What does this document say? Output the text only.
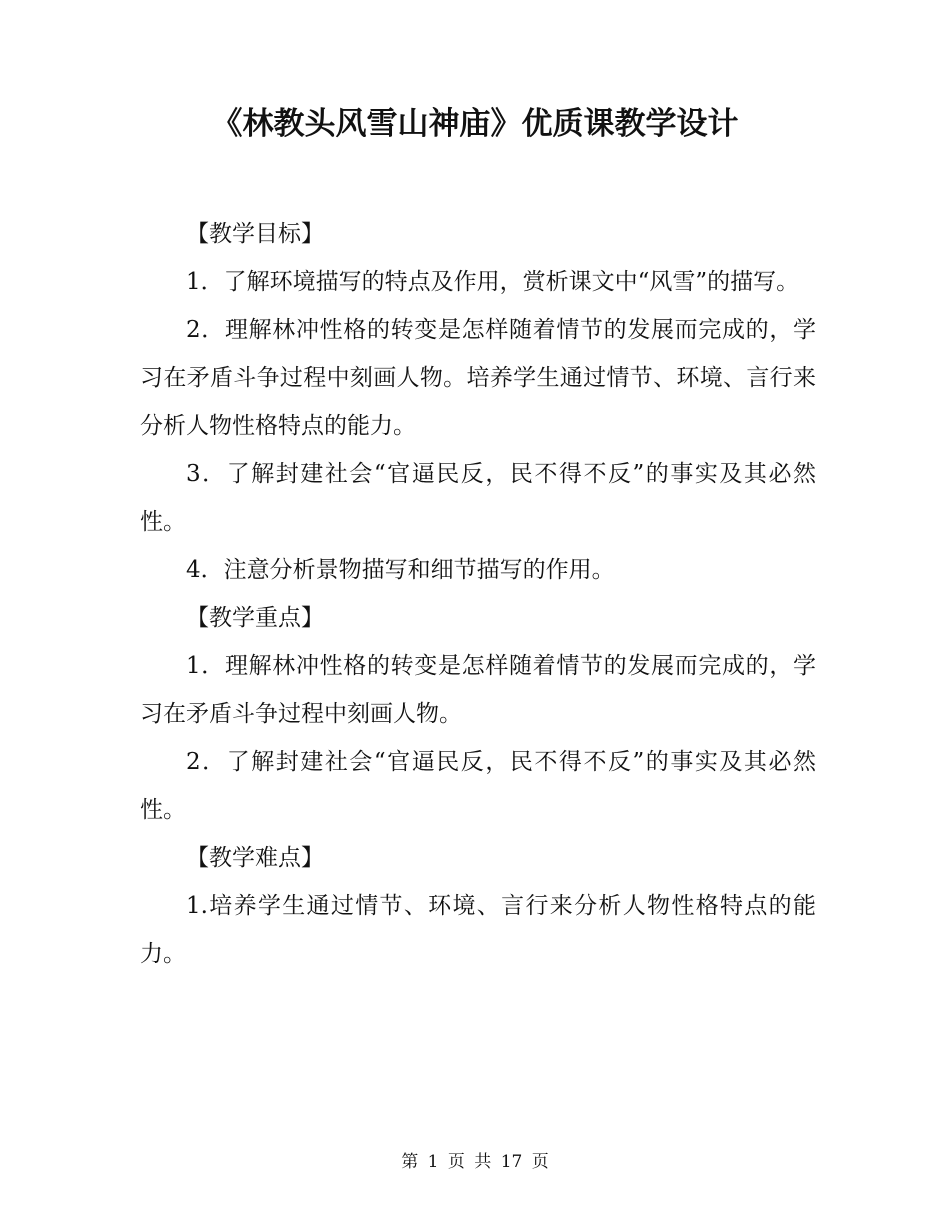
《林教头风雪山神庙》优质课教学设计

【教学目标】

1．了解环境描写的特点及作用，赏析课文中“风雪”的描写。

2．理解林冲性格的转变是怎样随着情节的发展而完成的，学习在矛盾斗争过程中刻画人物。培养学生通过情节、环境、言行来分析人物性格特点的能力。

3．了解封建社会“官逼民反，民不得不反”的事实及其必然性。

4．注意分析景物描写和细节描写的作用。

【教学重点】

1．理解林冲性格的转变是怎样随着情节的发展而完成的，学习在矛盾斗争过程中刻画人物。

2．了解封建社会“官逼民反，民不得不反”的事实及其必然性。

【教学难点】

1.培养学生通过情节、环境、言行来分析人物性格特点的能力。

第 1 页 共 17 页
